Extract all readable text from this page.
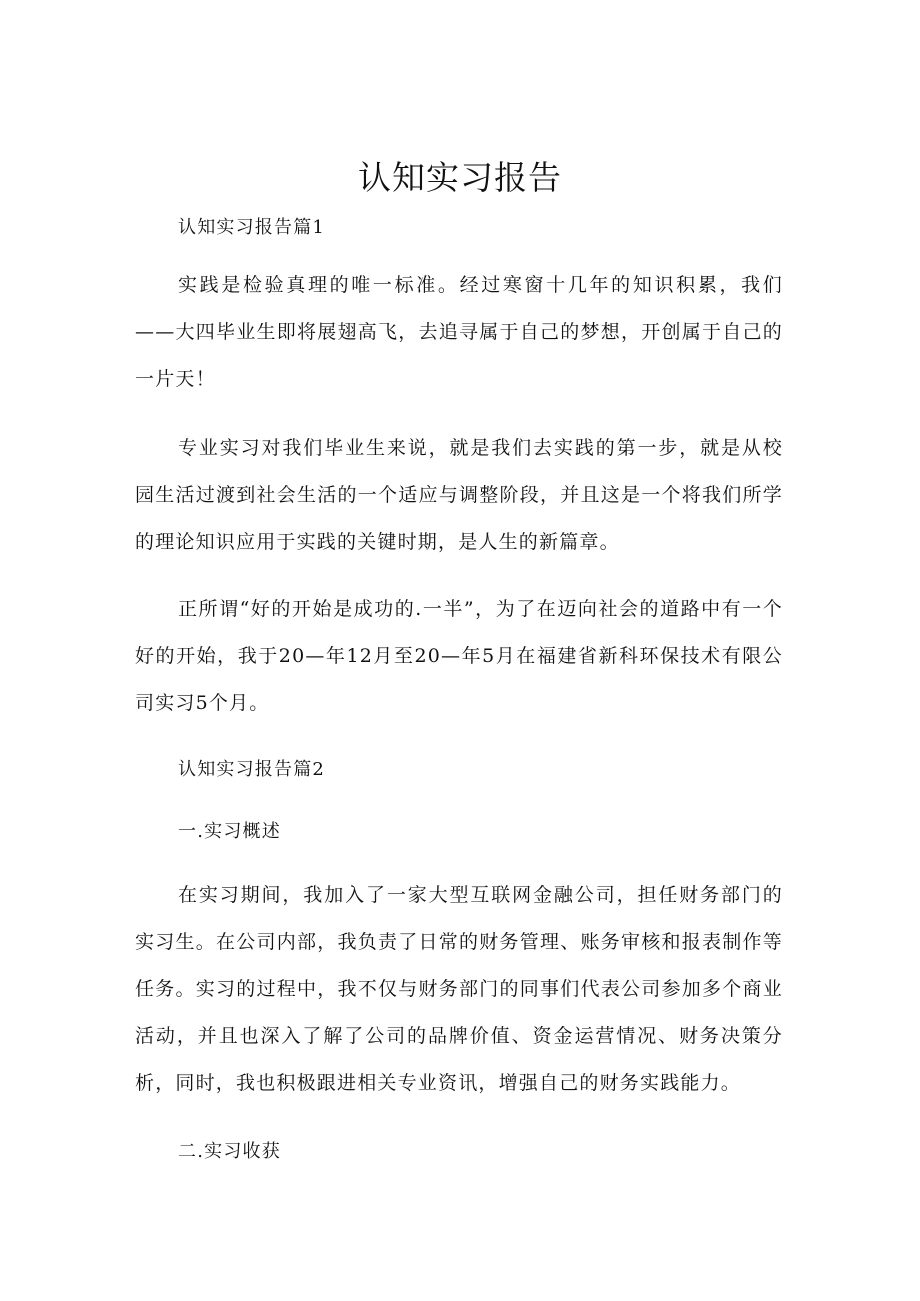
认知实习报告
认知实习报告篇1

实践是检验真理的唯一标准。经过寒窗十几年的知识积累，我们——大四毕业生即将展翅高飞，去追寻属于自己的梦想，开创属于自己的一片天！

专业实习对我们毕业生来说，就是我们去实践的第一步，就是从校园生活过渡到社会生活的一个适应与调整阶段，并且这是一个将我们所学的理论知识应用于实践的关键时期，是人生的新篇章。

正所谓“好的开始是成功的.一半”，为了在迈向社会的道路中有一个好的开始，我于20—年12月至20—年5月在福建省新科环保技术有限公司实习5个月。

认知实习报告篇2
一.实习概述

在实习期间，我加入了一家大型互联网金融公司，担任财务部门的实习生。在公司内部，我负责了日常的财务管理、账务审核和报表制作等任务。实习的过程中，我不仅与财务部门的同事们代表公司参加多个商业活动，并且也深入了解了公司的品牌价值、资金运营情况、财务决策分析，同时，我也积极跟进相关专业资讯，增强自己的财务实践能力。

二.实习收获
